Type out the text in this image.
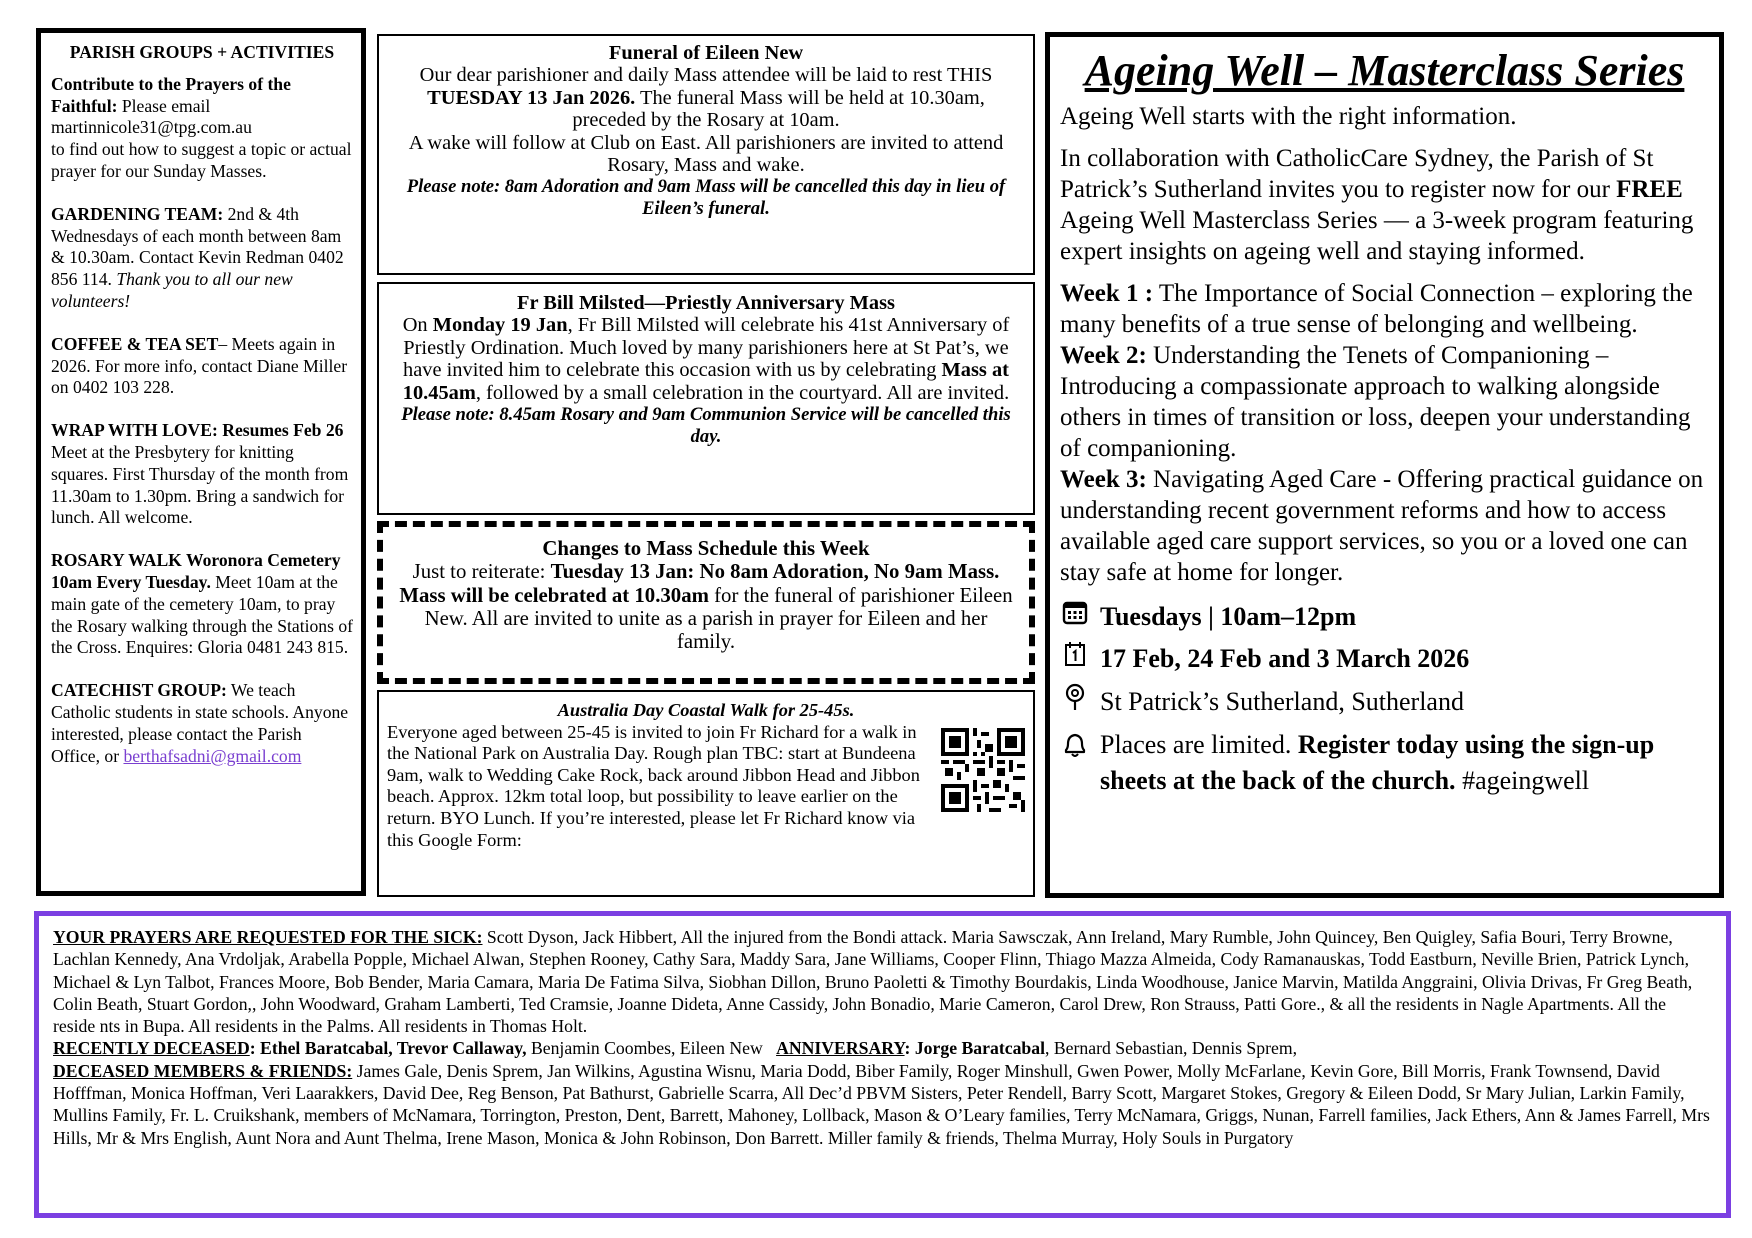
PARISH GROUPS + ACTIVITIES
Contribute to the Prayers of the Faithful: Please email
martinnicole31@tpg.com.au
to find out how to suggest a topic or actual prayer for our Sunday Masses.
GARDENING TEAM: 2nd & 4th Wednesdays of each month between 8am & 10.30am. Contact Kevin Redman 0402 856 114. Thank you to all our new volunteers!
COFFEE & TEA SET– Meets again in 2026. For more info, contact Diane Miller on 0402 103 228.
WRAP WITH LOVE: Resumes Feb 26 Meet at the Presbytery for knitting squares. First Thursday of the month from 11.30am to 1.30pm. Bring a sandwich for lunch. All welcome.
ROSARY WALK Woronora Cemetery 10am Every Tuesday. Meet 10am at the main gate of the cemetery 10am, to pray the Rosary walking through the Stations of the Cross. Enquires: Gloria 0481 243 815.
CATECHIST GROUP: We teach Catholic students in state schools. Anyone interested, please contact the Parish Office, or berthafsadni@gmail.com
Funeral of Eileen New

Our dear parishioner and daily Mass attendee will be laid to rest THIS TUESDAY 13 Jan 2026. The funeral Mass will be held at 10.30am, preceded by the Rosary at 10am.

A wake will follow at Club on East. All parishioners are invited to attend Rosary, Mass and wake.

Please note: 8am Adoration and 9am Mass will be cancelled this day in lieu of Eileen’s funeral.

Fr Bill Milsted—Priestly Anniversary Mass

On Monday 19 Jan, Fr Bill Milsted will celebrate his 41st Anniversary of Priestly Ordination. Much loved by many parishioners here at St Pat’s, we have invited him to celebrate this occasion with us by celebrating Mass at 10.45am, followed by a small celebration in the courtyard. All are invited.

Please note: 8.45am Rosary and 9am Communion Service will be cancelled this day.

Changes to Mass Schedule this Week

Just to reiterate: Tuesday 13 Jan: No 8am Adoration, No 9am Mass. Mass will be celebrated at 10.30am for the funeral of parishioner Eileen New. All are invited to unite as a parish in prayer for Eileen and her family.

Australia Day Coastal Walk for 25-45s.

Everyone aged between 25-45 is invited to join Fr Richard for a walk in the National Park on Australia Day. Rough plan TBC: start at Bundeena 9am, walk to Wedding Cake Rock, back around Jibbon Head and Jibbon beach. Approx. 12km total loop, but possibility to leave earlier on the return. BYO Lunch. If you’re interested, please let Fr Richard know via this Google Form:

Ageing Well – Masterclass Series

Ageing Well starts with the right information.

In collaboration with CatholicCare Sydney, the Parish of St Patrick’s Sutherland invites you to register now for our FREE Ageing Well Masterclass Series — a 3-week program featuring expert insights on ageing well and staying informed.

Week 1 : The Importance of Social Connection – exploring the many benefits of a true sense of belonging and wellbeing.

Week 2: Understanding the Tenets of Companioning – Introducing a compassionate approach to walking alongside others in times of transition or loss, deepen your understanding of companioning.

Week 3: Navigating Aged Care - Offering practical guidance on understanding recent government reforms and how to access available aged care support services, so you or a loved one can stay safe at home for longer.

Tuesdays | 10am–12pm
17 Feb, 24 Feb and 3 March 2026
St Patrick’s Sutherland, Sutherland
Places are limited. Register today using the sign-up sheets at the back of the church. #ageingwell

YOUR PRAYERS ARE REQUESTED FOR THE SICK: Scott Dyson, Jack Hibbert, All the injured from the Bondi attack. Maria Sawsczak, Ann Ireland, Mary Rumble, John Quincey, Ben Quigley, Safia Bouri, Terry Browne, Lachlan Kennedy, Ana Vrdoljak, Arabella Popple, Michael Alwan, Stephen Rooney, Cathy Sara, Maddy Sara, Jane Williams, Cooper Flinn, Thiago Mazza Almeida, Cody Ramanauskas, Todd Eastburn, Neville Brien, Patrick Lynch, Michael & Lyn Talbot, Frances Moore, Bob Bender, Maria Camara, Maria De Fatima Silva, Siobhan Dillon, Bruno Paoletti & Timothy Bourdakis, Linda Woodhouse, Janice Marvin, Matilda Anggraini, Olivia Drivas, Fr Greg Beath, Colin Beath, Stuart Gordon,, John Woodward, Graham Lamberti, Ted Cramsie, Joanne Dideta, Anne Cassidy, John Bonadio, Marie Cameron, Carol Drew, Ron Strauss, Patti Gore., & all the residents in Nagle Apartments. All the reside nts in Bupa. All residents in the Palms. All residents in Thomas Holt.

RECENTLY DECEASED: Ethel Baratcabal, Trevor Callaway, Benjamin Coombes, Eileen New   ANNIVERSARY: Jorge Baratcabal, Bernard Sebastian, Dennis Sprem,

DECEASED MEMBERS & FRIENDS: James Gale, Denis Sprem, Jan Wilkins, Agustina Wisnu, Maria Dodd, Biber Family, Roger Minshull, Gwen Power, Molly McFarlane, Kevin Gore, Bill Morris, Frank Townsend, David Hofffman, Monica Hoffman, Veri Laarakkers, David Dee, Reg Benson, Pat Bathurst, Gabrielle Scarra, All Dec’d PBVM Sisters, Peter Rendell, Barry Scott, Margaret Stokes, Gregory & Eileen Dodd, Sr Mary Julian, Larkin Family, Mullins Family, Fr. L. Cruikshank, members of McNamara, Torrington, Preston, Dent, Barrett, Mahoney, Lollback, Mason & O’Leary families, Terry McNamara, Griggs, Nunan, Farrell families, Jack Ethers, Ann & James Farrell, Mrs Hills, Mr & Mrs English, Aunt Nora and Aunt Thelma, Irene Mason, Monica & John Robinson, Don Barrett. Miller family & friends, Thelma Murray, Holy Souls in Purgatory
